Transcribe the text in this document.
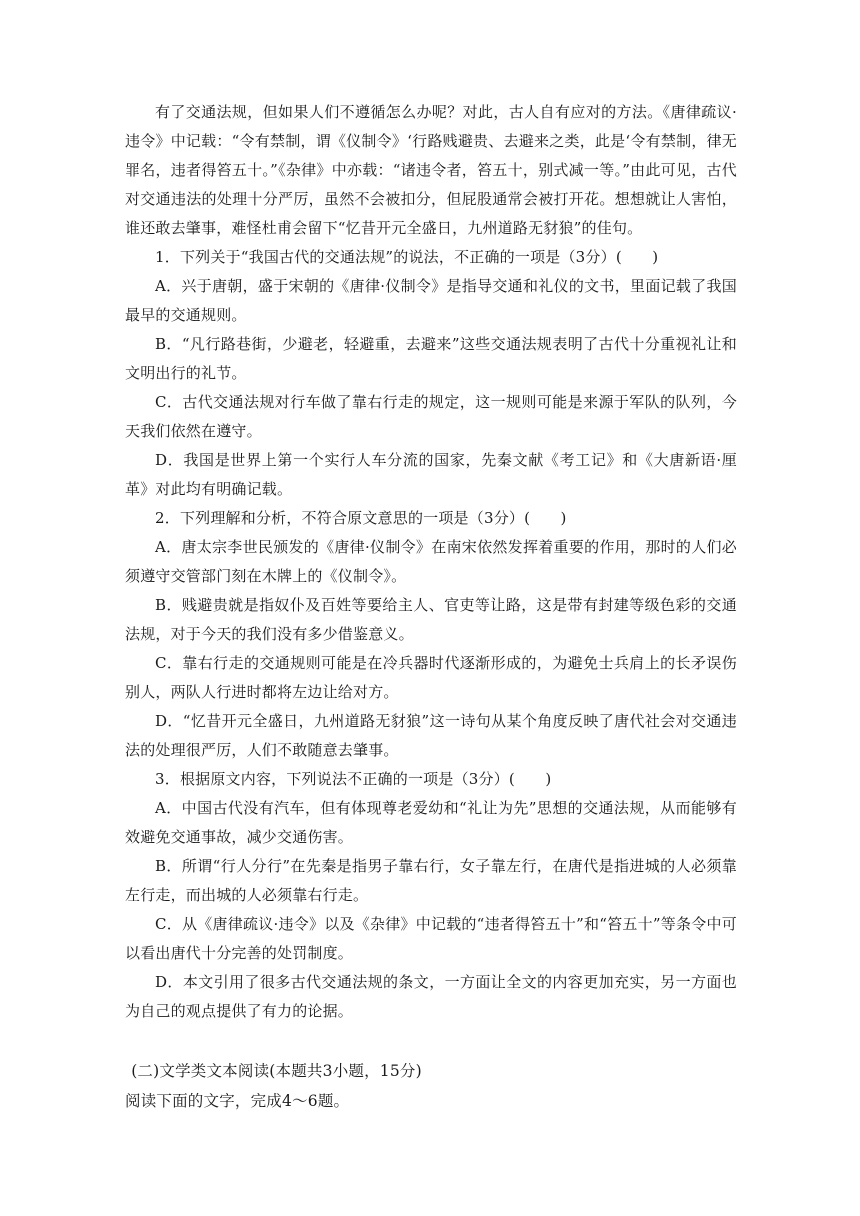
有了交通法规，但如果人们不遵循怎么办呢？对此，古人自有应对的方法。《唐律疏议·违令》中记载：“令有禁制，谓《仪制令》‘行路贱避贵、去避来之类，此是‘令有禁制，律无罪名，违者得笞五十。”《杂律》中亦载：“诸违令者，笞五十，别式减一等。”由此可见，古代对交通违法的处理十分严厉，虽然不会被扣分，但屁股通常会被打开花。想想就让人害怕，谁还敢去肇事，难怪杜甫会留下“忆昔开元全盛日，九州道路无豺狼”的佳句。

1．下列关于“我国古代的交通法规”的说法，不正确的一项是（3分）(　　)

A．兴于唐朝，盛于宋朝的《唐律·仪制令》是指导交通和礼仪的文书，里面记载了我国最早的交通规则。

B．“凡行路巷街，少避老，轻避重，去避来”这些交通法规表明了古代十分重视礼让和文明出行的礼节。

C．古代交通法规对行车做了靠右行走的规定，这一规则可能是来源于军队的队列，今天我们依然在遵守。

D．我国是世界上第一个实行人车分流的国家，先秦文献《考工记》和《大唐新语·厘革》对此均有明确记载。

2．下列理解和分析，不符合原文意思的一项是（3分）(　　)

A．唐太宗李世民颁发的《唐律·仪制令》在南宋依然发挥着重要的作用，那时的人们必须遵守交管部门刻在木牌上的《仪制令》。

B．贱避贵就是指奴仆及百姓等要给主人、官吏等让路，这是带有封建等级色彩的交通法规，对于今天的我们没有多少借鉴意义。

C．靠右行走的交通规则可能是在冷兵器时代逐渐形成的，为避免士兵肩上的长矛误伤别人，两队人行进时都将左边让给对方。

D．“忆昔开元全盛日，九州道路无豺狼”这一诗句从某个角度反映了唐代社会对交通违法的处理很严厉，人们不敢随意去肇事。

3．根据原文内容，下列说法不正确的一项是（3分）(　　)

A．中国古代没有汽车，但有体现尊老爱幼和“礼让为先”思想的交通法规，从而能够有效避免交通事故，减少交通伤害。

B．所谓“行人分行”在先秦是指男子靠右行，女子靠左行，在唐代是指进城的人必须靠左行走，而出城的人必须靠右行走。

C．从《唐律疏议·违令》以及《杂律》中记载的“违者得笞五十”和“笞五十”等条令中可以看出唐代十分完善的处罚制度。

D．本文引用了很多古代交通法规的条文，一方面让全文的内容更加充实，另一方面也为自己的观点提供了有力的论据。

(二)文学类文本阅读(本题共3小题，15分)

阅读下面的文字，完成4～6题。
